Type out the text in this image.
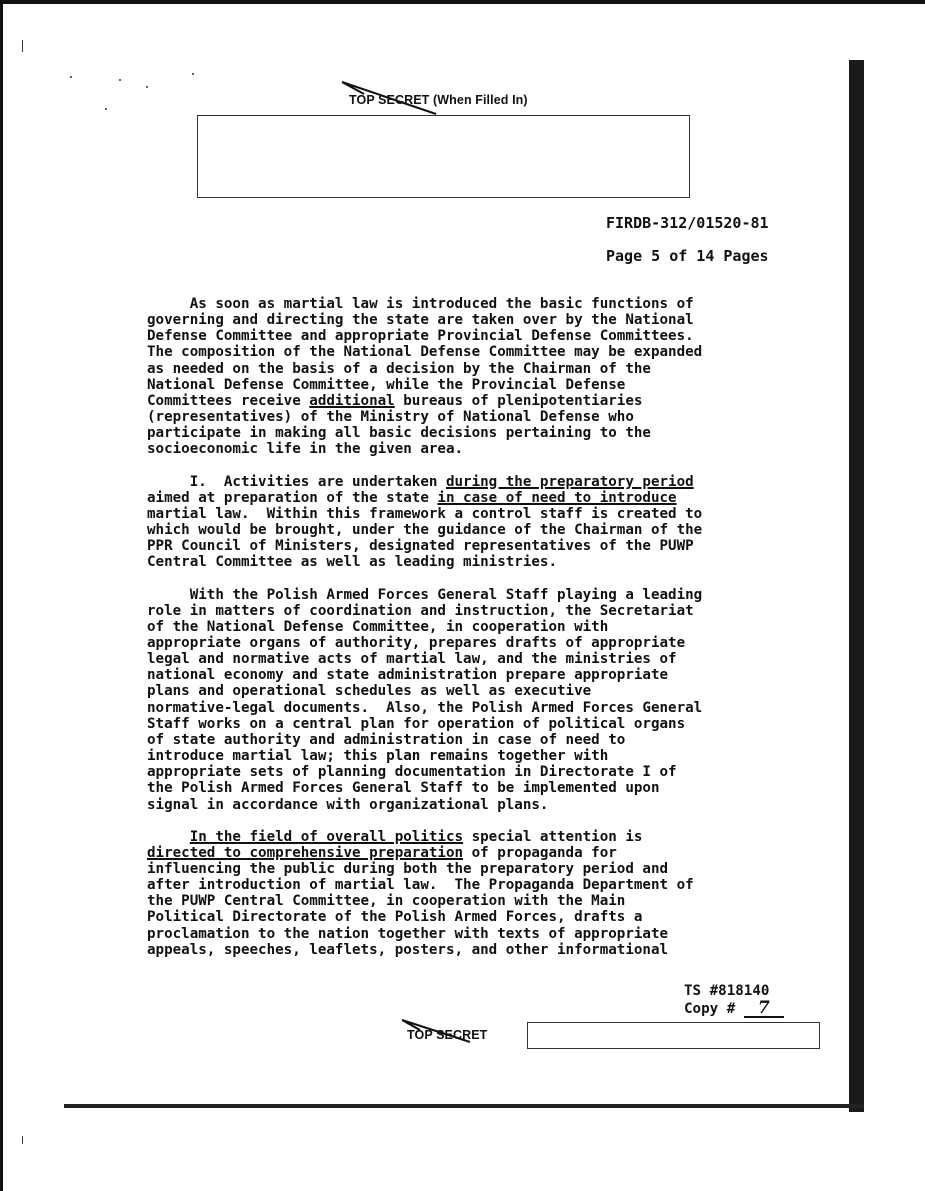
TOP SECRET (When Filled In)
FIRDB-312/01520-81
Page 5 of 14 Pages

As soon as martial law is introduced the basic functions of
governing and directing the state are taken over by the National
Defense Committee and appropriate Provincial Defense Committees.
The composition of the National Defense Committee may be expanded
as needed on the basis of a decision by the Chairman of the
National Defense Committee, while the Provincial Defense
Committees receive additional bureaus of plenipotentiaries
(representatives) of the Ministry of National Defense who
participate in making all basic decisions pertaining to the
socioeconomic life in the given area.

I.  Activities are undertaken during the preparatory period
aimed at preparation of the state in case of need to introduce
martial law.  Within this framework a control staff is created to
which would be brought, under the guidance of the Chairman of the
PPR Council of Ministers, designated representatives of the PUWP
Central Committee as well as leading ministries.

With the Polish Armed Forces General Staff playing a leading
role in matters of coordination and instruction, the Secretariat
of the National Defense Committee, in cooperation with
appropriate organs of authority, prepares drafts of appropriate
legal and normative acts of martial law, and the ministries of
national economy and state administration prepare appropriate
plans and operational schedules as well as executive
normative-legal documents.  Also, the Polish Armed Forces General
Staff works on a central plan for operation of political organs
of state authority and administration in case of need to
introduce martial law; this plan remains together with
appropriate sets of planning documentation in Directorate I of
the Polish Armed Forces General Staff to be implemented upon
signal in accordance with organizational plans.

In the field of overall politics special attention is
directed to comprehensive preparation of propaganda for
influencing the public during both the preparatory period and
after introduction of martial law.  The Propaganda Department of
the PUWP Central Committee, in cooperation with the Main
Political Directorate of the Polish Armed Forces, drafts a
proclamation to the nation together with texts of appropriate
appeals, speeches, leaflets, posters, and other informational

TS #818140
Copy # 7
TOP SECRET
